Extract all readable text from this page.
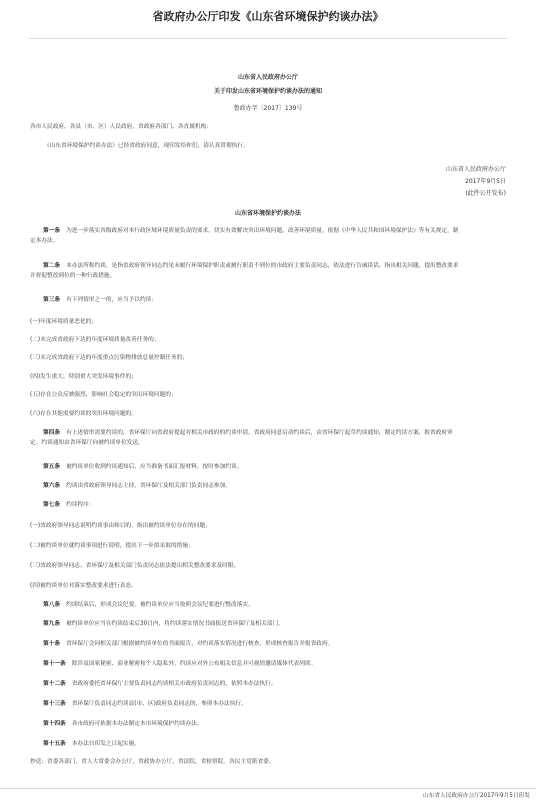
省政府办公厅印发《山东省环境保护约谈办法》
山东省人民政府办公厅
关于印发山东省环境保护约谈办法的通知
鲁政办字〔2017〕139号
各市人民政府，各县（市、区）人民政府，省政府各部门、各直属机构：
《山东省环境保护约谈办法》已经省政府同意，现印发给你们，请认真贯彻执行。
山东省人民政府办公厅
2017年9月5日
(此件公开发布)
山东省环境保护约谈办法
第一条 为进一步落实各级政府对本行政区域环境质量负责的要求，切实有效解决突出环境问题，改善环境质量，依据《中华人民共和国环境保护法》等有关规定，制
定本办法。
第二条 本办法所称约谈，是指省政府领导同志约见未履行环境保护职责或履行职责不到位的市政府主要负责同志，依法进行告诫谈话、指出相关问题、提出整改要求
并督促整改到位的一种行政措施。
第三条 有下列情形之一的，应当予以约谈：
(一)年度环境质量恶化的；
(二)未完成省政府下达的年度环境质量改善任务的；
(三)未完成省政府下达的年度重点污染物排放总量控制任务的；
(四)发生重大、特别重大突发环境事件的；
(五)存在公众反映强烈、影响社会稳定的突出环境问题的；
(六)存在其他需要约谈的突出环境问题的。
第四条 有上述情形需要约谈的，省环保厅向省政府提起对相关市政府的约谈申请。省政府同意启动约谈后，由省环保厅起草约谈通知，制定约谈方案，报省政府审
定。约谈通知由省环保厅向被约谈单位发送。
第五条 被约谈单位收到约谈通知后，应当准备书面汇报材料，按时参加约谈。
第六条 约谈由省政府领导同志主持，省环保厅及相关部门负责同志参加。
第七条 约谈程序：
(一)省政府领导同志说明约谈事由和目的，指出被约谈单位存在的问题；
(二)被约谈单位就约谈事项进行说明，提出下一步拟采取的措施；
(三)省政府领导同志、省环保厅及相关部门负责同志依法提出相关整改要求及时限；
(四)被约谈单位对落实整改要求进行表态。
第八条 约谈结束后，形成会议纪要。被约谈单位应当按照会议纪要进行整改落实。
第九条 被约谈单位应当在约谈结束后30日内，将约谈落实情况书面报送省环保厅及相关部门。
第十条 省环保厅会同相关部门根据被约谈单位的书面报告，对约谈落实情况进行核查，形成核查报告并报省政府。
第十一条 除涉及国家秘密、商业秘密和个人隐私外，约谈应对外公布相关信息并可视情邀请媒体代表列席。
第十二条 省政府委托省环保厅主要负责同志约谈相关市政府负责同志的，依照本办法执行。
第十三条 省环保厅负责同志约谈县(市、区)政府负责同志的，参照本办法执行。
第十四条 各市政府可依据本办法制定本市环境保护约谈办法。
第十五条 本办法自印发之日起实施。
抄送：省委各部门，省人大常委会办公厅，省政协办公厅，省法院，省检察院。各民主党派省委。
山东省人民政府办公厅2017年9月5日印发
